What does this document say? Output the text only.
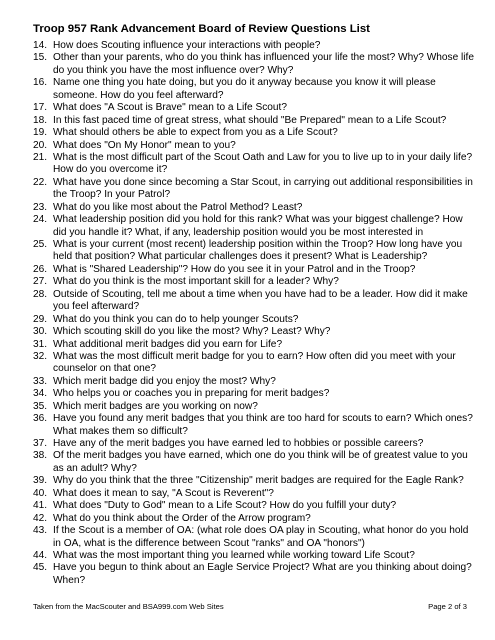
Troop 957 Rank Advancement Board of Review Questions List
14. How does Scouting influence your interactions with people?
15. Other than your parents, who do you think has influenced your life the most? Why? Whose life do you think you have the most influence over? Why?
16. Name one thing you hate doing, but you do it anyway because you know it will please someone. How do you feel afterward?
17. What does "A Scout is Brave" mean to a Life Scout?
18. In this fast paced time of great stress, what should "Be Prepared" mean to a Life Scout?
19. What should others be able to expect from you as a Life Scout?
20. What does "On My Honor" mean to you?
21. What is the most difficult part of the Scout Oath and Law for you to live up to in your daily life? How do you overcome it?
22. What have you done since becoming a Star Scout, in carrying out additional responsibilities in the Troop? In your Patrol?
23. What do you like most about the Patrol Method? Least?
24. What leadership position did you hold for this rank? What was your biggest challenge? How did you handle it? What, if any, leadership position would you be most interested in
25. What is your current (most recent) leadership position within the Troop? How long have you held that position? What particular challenges does it present? What is Leadership?
26. What is "Shared Leadership"? How do you see it in your Patrol and in the Troop?
27. What do you think is the most important skill for a leader? Why?
28. Outside of Scouting, tell me about a time when you have had to be a leader. How did it make you feel afterward?
29. What do you think you can do to help younger Scouts?
30. Which scouting skill do you like the most? Why? Least? Why?
31. What additional merit badges did you earn for Life?
32. What was the most difficult merit badge for you to earn? How often did you meet with your counselor on that one?
33. Which merit badge did you enjoy the most? Why?
34. Who helps you or coaches you in preparing for merit badges?
35. Which merit badges are you working on now?
36. Have you found any merit badges that you think are too hard for scouts to earn? Which ones? What makes them so difficult?
37. Have any of the merit badges you have earned led to hobbies or possible careers?
38. Of the merit badges you have earned, which one do you think will be of greatest value to you as an adult? Why?
39. Why do you think that the three "Citizenship" merit badges are required for the Eagle Rank?
40. What does it mean to say, "A Scout is Reverent"?
41. What does "Duty to God" mean to a Life Scout? How do you fulfill your duty?
42. What do you think about the Order of the Arrow program?
43. If the Scout is a member of OA: (what role does OA play in Scouting, what honor do you hold in OA, what is the difference between Scout "ranks" and OA "honors")
44. What was the most important thing you learned while working toward Life Scout?
45. Have you begun to think about an Eagle Service Project? What are you thinking about doing? When?
Taken from the MacScouter and BSA999.com Web Sites	Page 2 of 3
